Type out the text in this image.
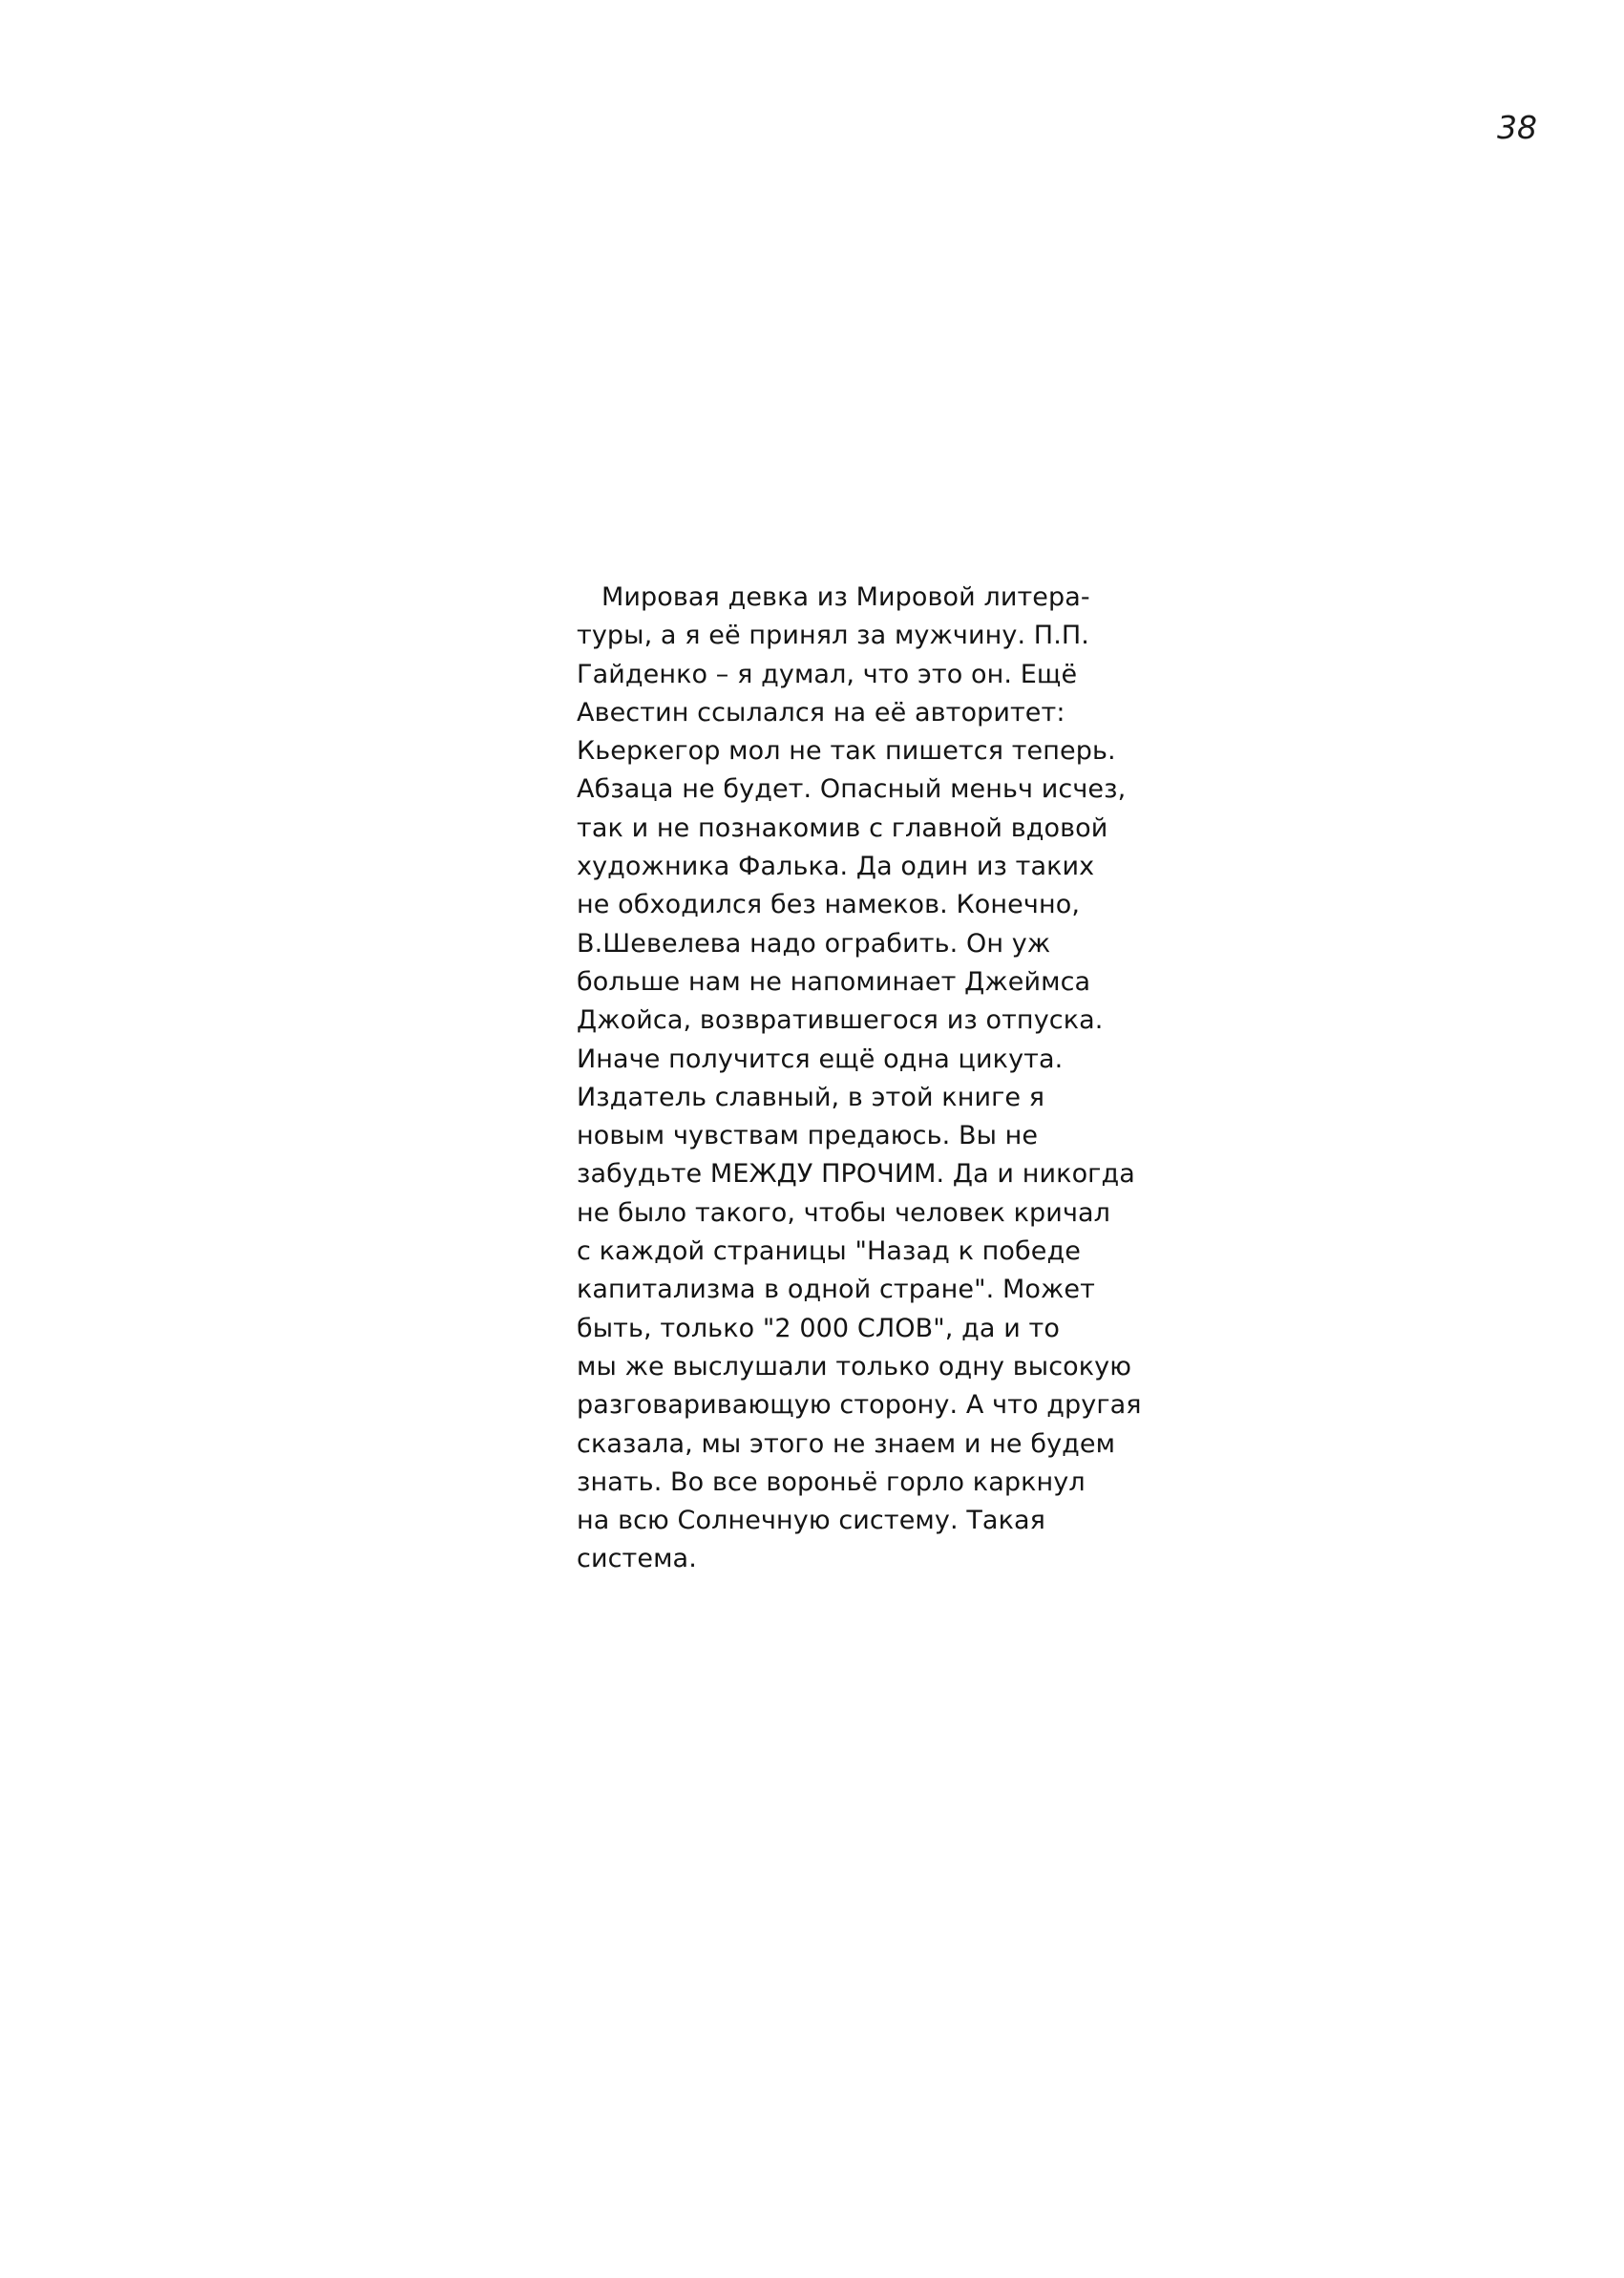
38
Мировая девка из Мировой литера-
туры, а я её принял за мужчину. П.П.
Гайденко – я думал, что это он. Ещё
Авестин ссылался на её авторитет:
Кьеркегор мол не так пишется теперь.
Абзаца не будет. Опасный меньч исчез,
так и не познакомив с главной вдовой
художника Фалька. Да один из таких
не обходился без намеков. Конечно,
В.Шевелева надо ограбить. Он уж
больше нам не напоминает Джеймса
Джойса, возвратившегося из отпуска.
Иначе получится ещё одна цикута.
Издатель славный, в этой книге я
новым чувствам предаюсь. Вы не
забудьте МЕЖДУ ПРОЧИМ. Да и никогда
не было такого, чтобы человек кричал
с каждой страницы "Назад к победе
капитализма в одной стране". Может
быть, только "2 000 СЛОВ", да и то
мы же выслушали только одну высокую
разговаривающую сторону. А что другая
сказала, мы этого не знаем и не будем
знать. Во все вороньё горло каркнул
на всю Солнечную систему. Такая
система.
